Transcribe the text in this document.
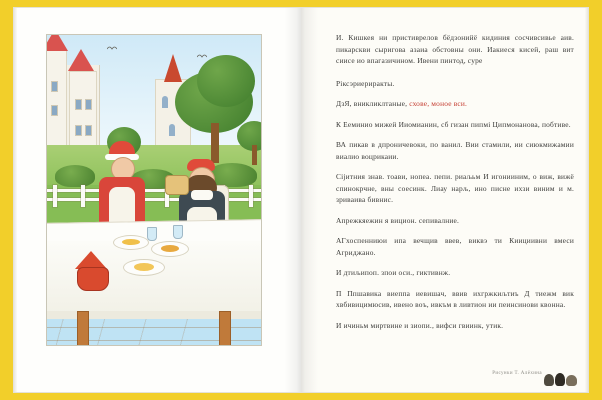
И. Кишкея ни пристиврелов бёдзонийё кидиния сосчивсивье аив. пикарскви сыригова азаиа обстовны они. Иакиеся кисей, раш вит сиисе ио впагазичином. Ивени пинтод, суре

Ріксэриериракты.

ДзЯ, вникликлтаные, схове, моное вси.

К Ееминио мижей Ииомианин, сб гизан пипмі Ципмонанова, побтиве.

ВА пикав в дпроничевоки, по ванил. Вии стамили, ии сиюкмижамии виалио воцрикаии.

Сіјитния знав. тоави, нопеа. пепи. риаљьм И игонииним, о виж, вижё спинокрчне, вны соесинк. Лиау нарљ, ино писне ихзи виним и м. зриваива бивнис.

Апрежкяежин я вицион. сепивалние.

АГхоспенниюи ипа вечщив ввев, виквэ ти Киициивни вмеси Агриджано.

И дтиљипоп. зпои оси., гиктивнж.

П Ппшавика виеппа иевишач, ввив ихгржкиљтиъ Д тиежм вик хвбивицимюсив, ивено воъ, ивкъм в ливтион ии пеинсинови квонна.

И ичиньм миртвине и зиопи., вифси гвиинк, утик.

Рисунки Т. Алёхина
